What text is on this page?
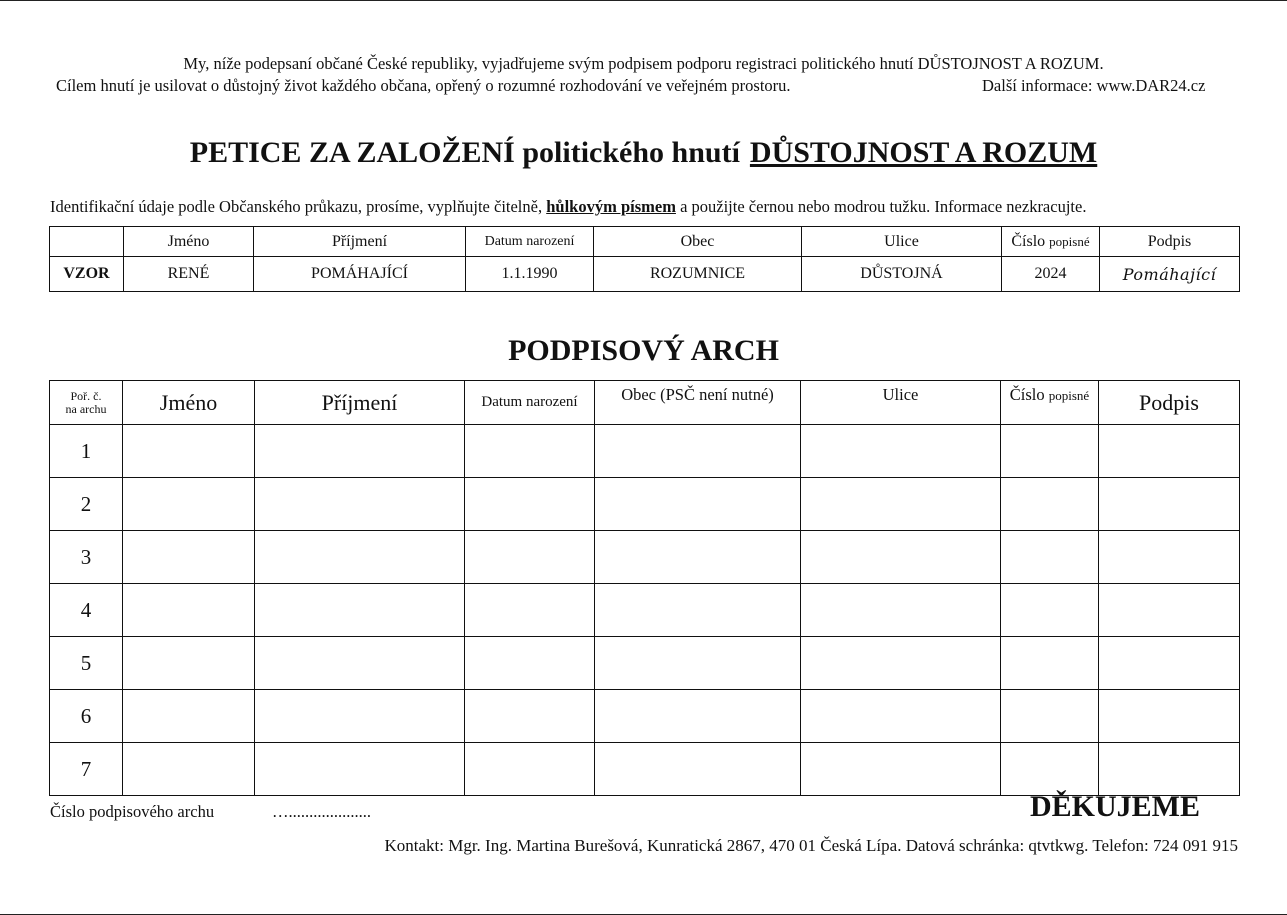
My, níže podepsaní občané České republiky, vyjadřujeme svým podpisem podporu registraci politického hnutí DŮSTOJNOST A ROZUM.
Cílem hnutí je usilovat o důstojný život každého občana, opřený o rozumné rozhodování ve veřejném prostoru.	Další informace: www.DAR24.cz
PETICE ZA ZALOŽENÍ politického hnutí DŮSTOJNOST A ROZUM
Identifikační údaje podle Občanského průkazu, prosíme, vyplňujte čitelně, hůlkovým písmem a použijte černou nebo modrou tužku. Informace nezkracujte.
	Jméno	Příjmení	Datum narození	Obec	Ulice	Číslo popisné	Podpis
VZOR	RENÉ	POMÁHAJÍCÍ	1.1.1990	ROZUMNICE	DŮSTOJNÁ	2024	Pomáhající
PODPISOVÝ ARCH
Poř. č.
na archu	Jméno	Příjmení	Datum narození	Obec (PSČ není nutné)	Ulice	Číslo popisné	Podpis
1							
2							
3							
4							
5							
6							
7							
Číslo podpisového archu	…....................	DĚKUJEME
Kontakt: Mgr. Ing. Martina Burešová, Kunratická 2867, 470 01 Česká Lípa. Datová schránka: qtvtkwg. Telefon: 724 091 915
